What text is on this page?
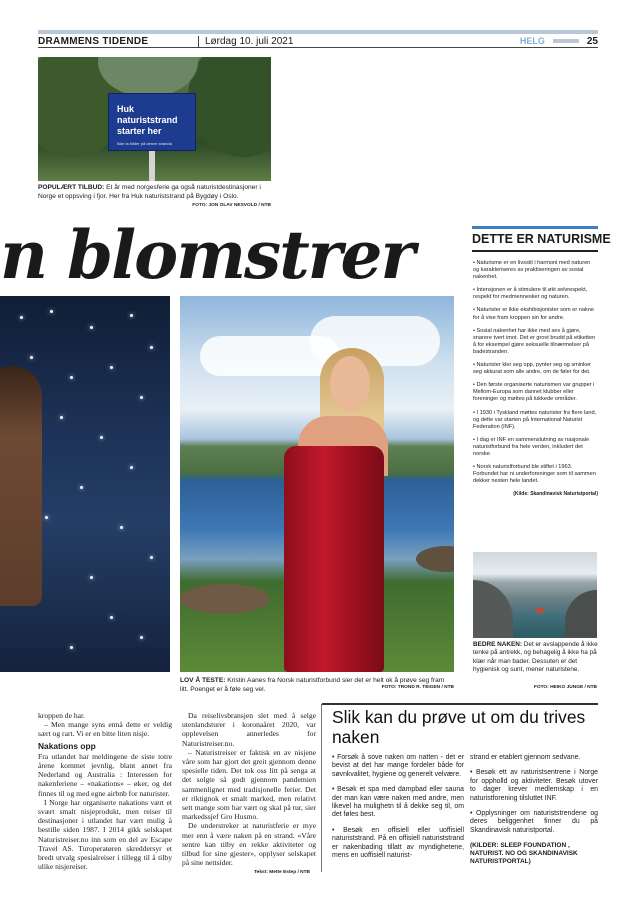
DRAMMENS TIDENDE	Lørdag 10. juli 2021	HELG	25
Huk naturiststrand starter her
Ikke ta bilder på denne stranda
POPULÆRT TILBUD: Et år med norgesferie ga også naturistdestinasjoner i Norge et oppsving i fjor. Her fra Huk naturiststrand på Bygdøy i Oslo.
FOTO: JON OLAV NESVOLD / NTB
n blomstrer
LOV Å TESTE: Kristin Aanes fra Norsk naturistforbund sier det er helt ok å prøve seg fram litt. Poenget er å føle seg vel.	FOTO: TROND R. TEIGEN / NTB
DETTE ER NATURISME
• Naturisme er en livsstil i harmoni med naturen og karakteriseres av praktiseringen av sosial nakenhet.
• Intensjonen er å stimulere til økt selvrespekt, respekt for medmennesker og naturen.
• Naturister er ikke ekshibisjonister som er nakne for å vise fram kroppen sin for andre.
• Sosial nakenhet har ikke med sex å gjøre, snarere tvert imot. Det er grovt brudd på etiketten å for eksempel gjøre seksuelle tilnærmelser på badestranden.
• Naturister kler seg opp, pynter seg og sminker seg akkurat som alle andre, om de føler for det.
• Den første organiserte naturismen var grupper i Mellom-Europa som dannet klubber eller foreninger og møttes på lukkede områder.
• I 1930 i Tyskland møttes naturister fra flere land, og dette var starten på International Naturist Federation (INF).
• I dag er INF en sammenslutning av nasjonale naturistforbund fra hele verden, inkludert det norske.
• Norsk naturistforbund ble stiftet i 1963. Forbundet har ni underforeninger som til sammen dekker nesten hele landet.
(Kilde: Skandinavisk Naturistportal)
BEDRE NAKEN: Det er avslappende å ikke tenke på antrekk, og behagelig å ikke ha på klær når man bader. Dessuten er det hygienisk og sunt, mener naturistene.
FOTO: HEIKO JUNGE / NTB

kroppen de har.

– Men mange syns ennå dette er veldig sært og rart. Vi er en bitte liten nisje.

Nakations opp

Fra utlandet har meldingene de siste totre årene kommet jevnlig, blant annet fra Nederland og Australia : Interessen for nakenferiene – «nakations» – øker, og det finnes til og med egne airbnb for naturister.

I Norge har organiserte nakations vært et svært smalt nisjeprodukt, men reiser til destinasjoner i utlandet har vært mulig å bestille siden 1987. I 2014 gikk selskapet Naturistreiser.no inn som en del av Escape Travel AS. Turoperatøren skreddersyr et bredt utvalg spesialreiser i tillegg til å tilby ulike nisjereiser.

Da reiselivsbransjen slet med å selge utenlandsturer i koronaåret 2020, var opplevelsen annerledes for Naturistreiser.no.

– Naturistreiser er faktisk en av nisjene våre som har gjort det greit gjennom denne spesielle tiden. Det tok oss litt på senga at det solgte så godt gjennom pandemien sammenlignet med tradisjonelle ferier. Det er riktignok et smalt marked, men relativt sett mange som har vært og skal på tur, sier markedssjef Gro Husmo.

De understreker at naturistferie er mye mer enn å være naken på en strand. «Våre sentre kan tilby en rekke aktiviteter og tilbud for sine gjester», opplyser selskapet på sine nettsider.

Tekst: Mette Estep / NTB
Slik kan du prøve ut om du trives naken
• Forsøk å sove naken om natten - det er bevist at det har mange fordeler både for søvnkvalitet, hygiene og generelt velvære.
• Besøk et spa med dampbad eller sauna der man kan være naken med andre, men likevel ha mulighetn til å dekke seg til, om det føles best.
• Besøk en offisiell eller uoffisiell naturiststrand. På en offisiell naturiststrand er nakenbading tillatt av myndighetene, mens en uoffisiell naturist-
strand er etablert gjennom sedvane.
• Besøk ett av naturistsentrene i Norge for oppholld og aktiviteter. Besøk utover to dager krever medlemskap i en naturistforening tilsluttet INF.
• Opplysninger om naturiststrendene og deres beliggenhet finner du på Skandinavisk naturistportal.
(KILDER: SLEEP FOUNDATION , NATURIST. NO OG SKANDINAVISK NATURISTPORTAL)
